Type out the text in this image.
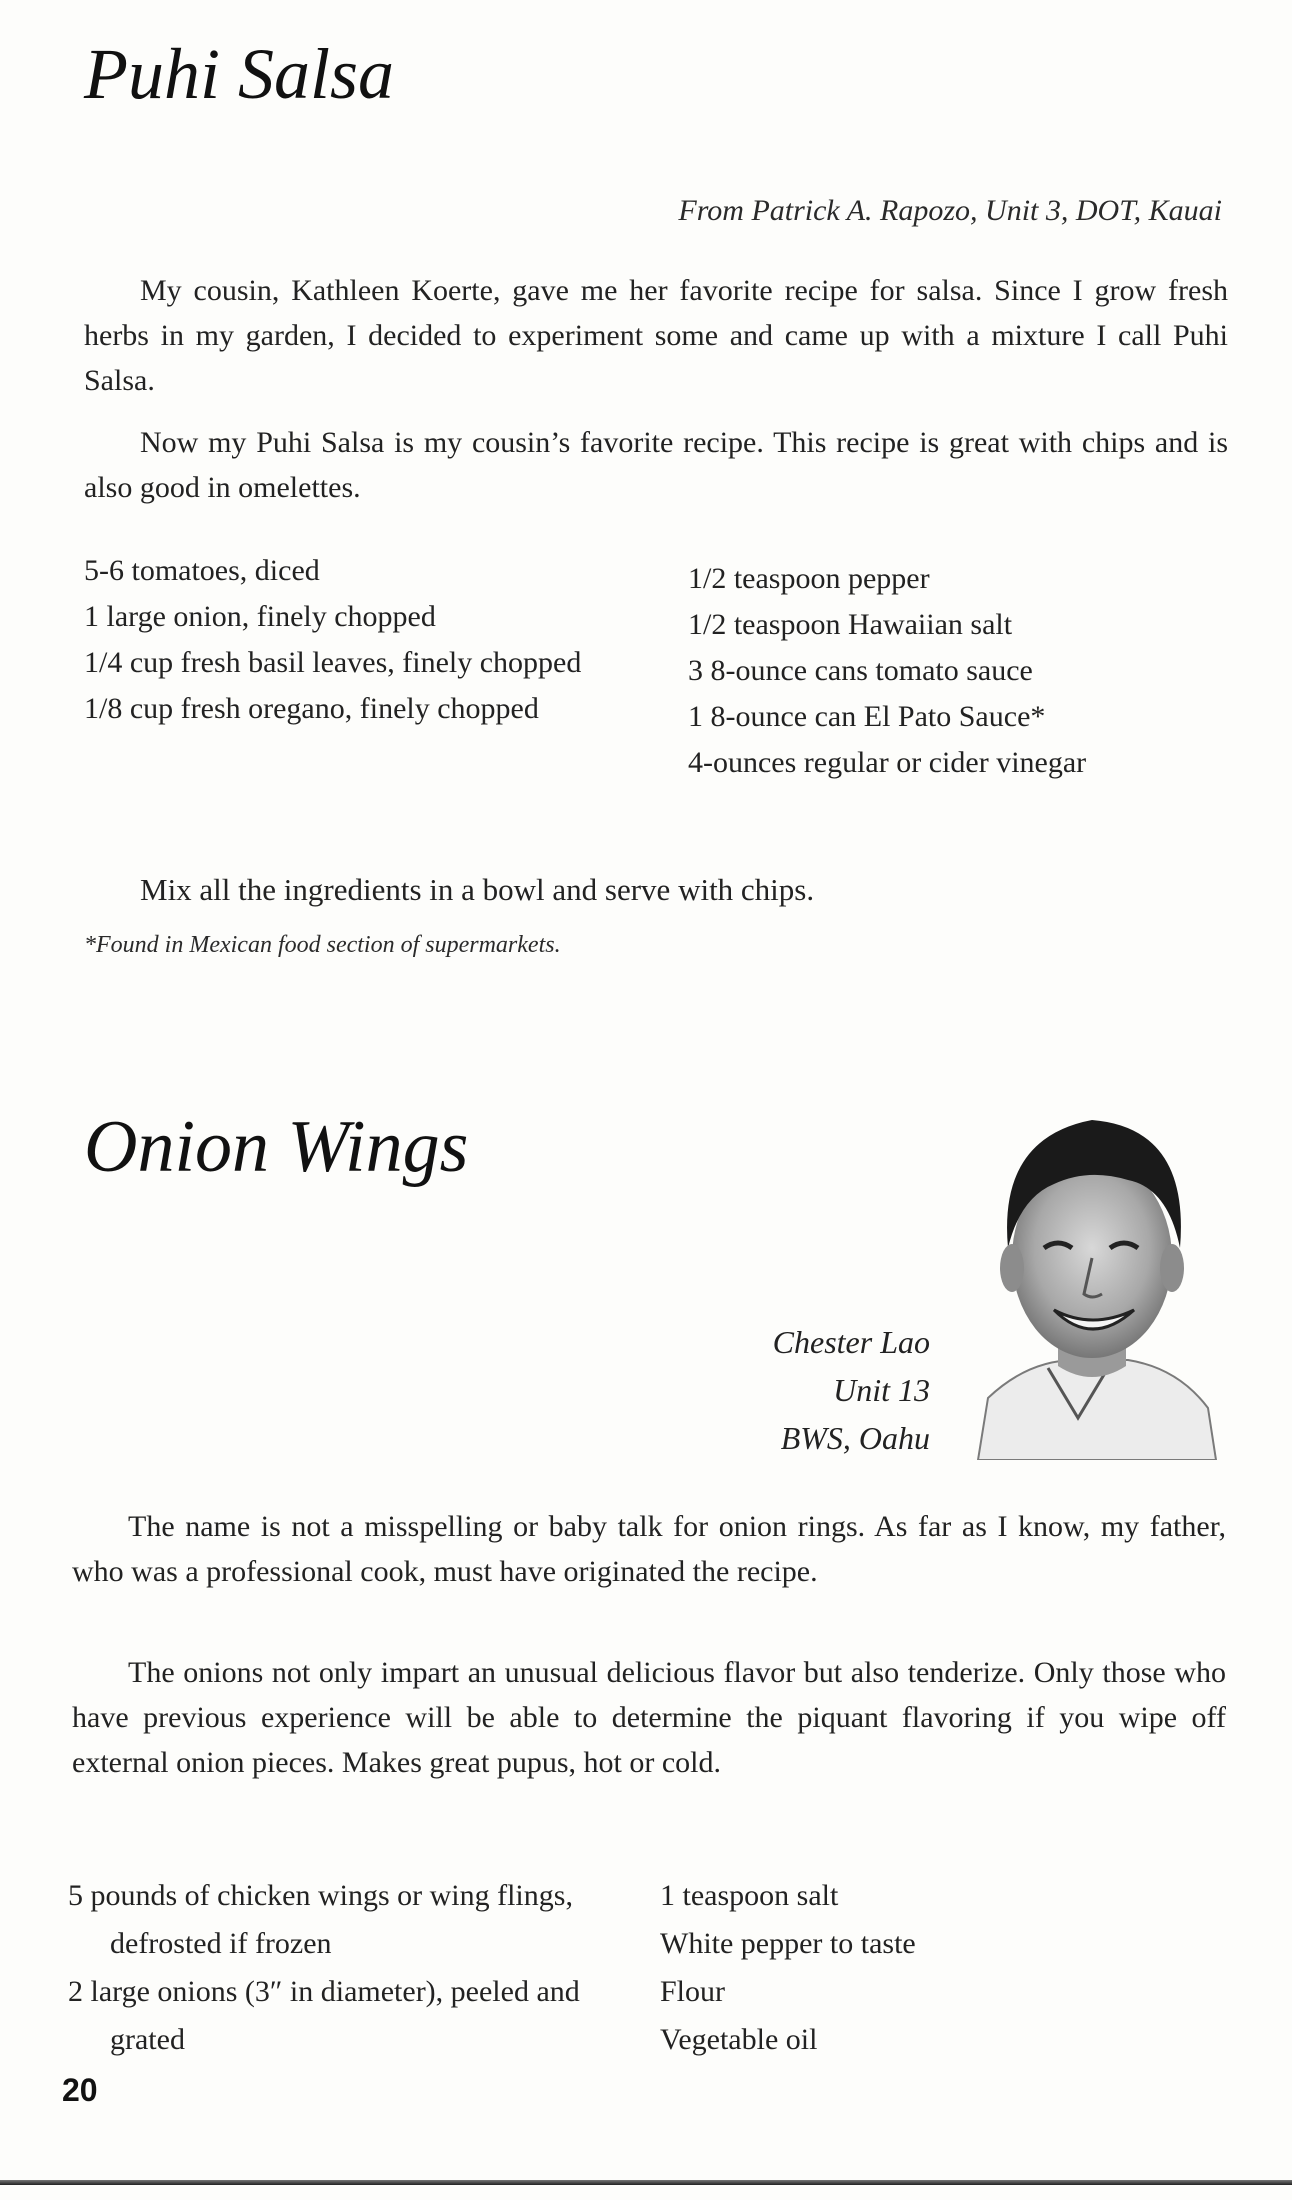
Puhi Salsa
From Patrick A. Rapozo, Unit 3, DOT, Kauai

My cousin, Kathleen Koerte, gave me her favorite recipe for salsa. Since I grow fresh herbs in my garden, I decided to experiment some and came up with a mixture I call Puhi Salsa.

Now my Puhi Salsa is my cousin’s favorite recipe. This recipe is great with chips and is also good in omelettes.

5-6 tomatoes, diced
1 large onion, finely chopped
1/4 cup fresh basil leaves, finely chopped
1/8 cup fresh oregano, finely chopped
1/2 teaspoon pepper
1/2 teaspoon Hawaiian salt
3 8-ounce cans tomato sauce
1 8-ounce can El Pato Sauce*
4-ounces regular or cider vinegar
Mix all the ingredients in a bowl and serve with chips.
*Found in Mexican food section of supermarkets.
Onion Wings
Chester Lao
Unit 13
BWS, Oahu

The name is not a misspelling or baby talk for onion rings. As far as I know, my father, who was a professional cook, must have originated the recipe.

The onions not only impart an unusual delicious flavor but also tenderize. Only those who have previous experience will be able to determine the piquant flavoring if you wipe off external onion pieces. Makes great pupus, hot or cold.

5 pounds of chicken wings or wing flings, defrosted if frozen
2 large onions (3″ in diameter), peeled and grated
1 teaspoon salt
White pepper to taste
Flour
Vegetable oil
20
